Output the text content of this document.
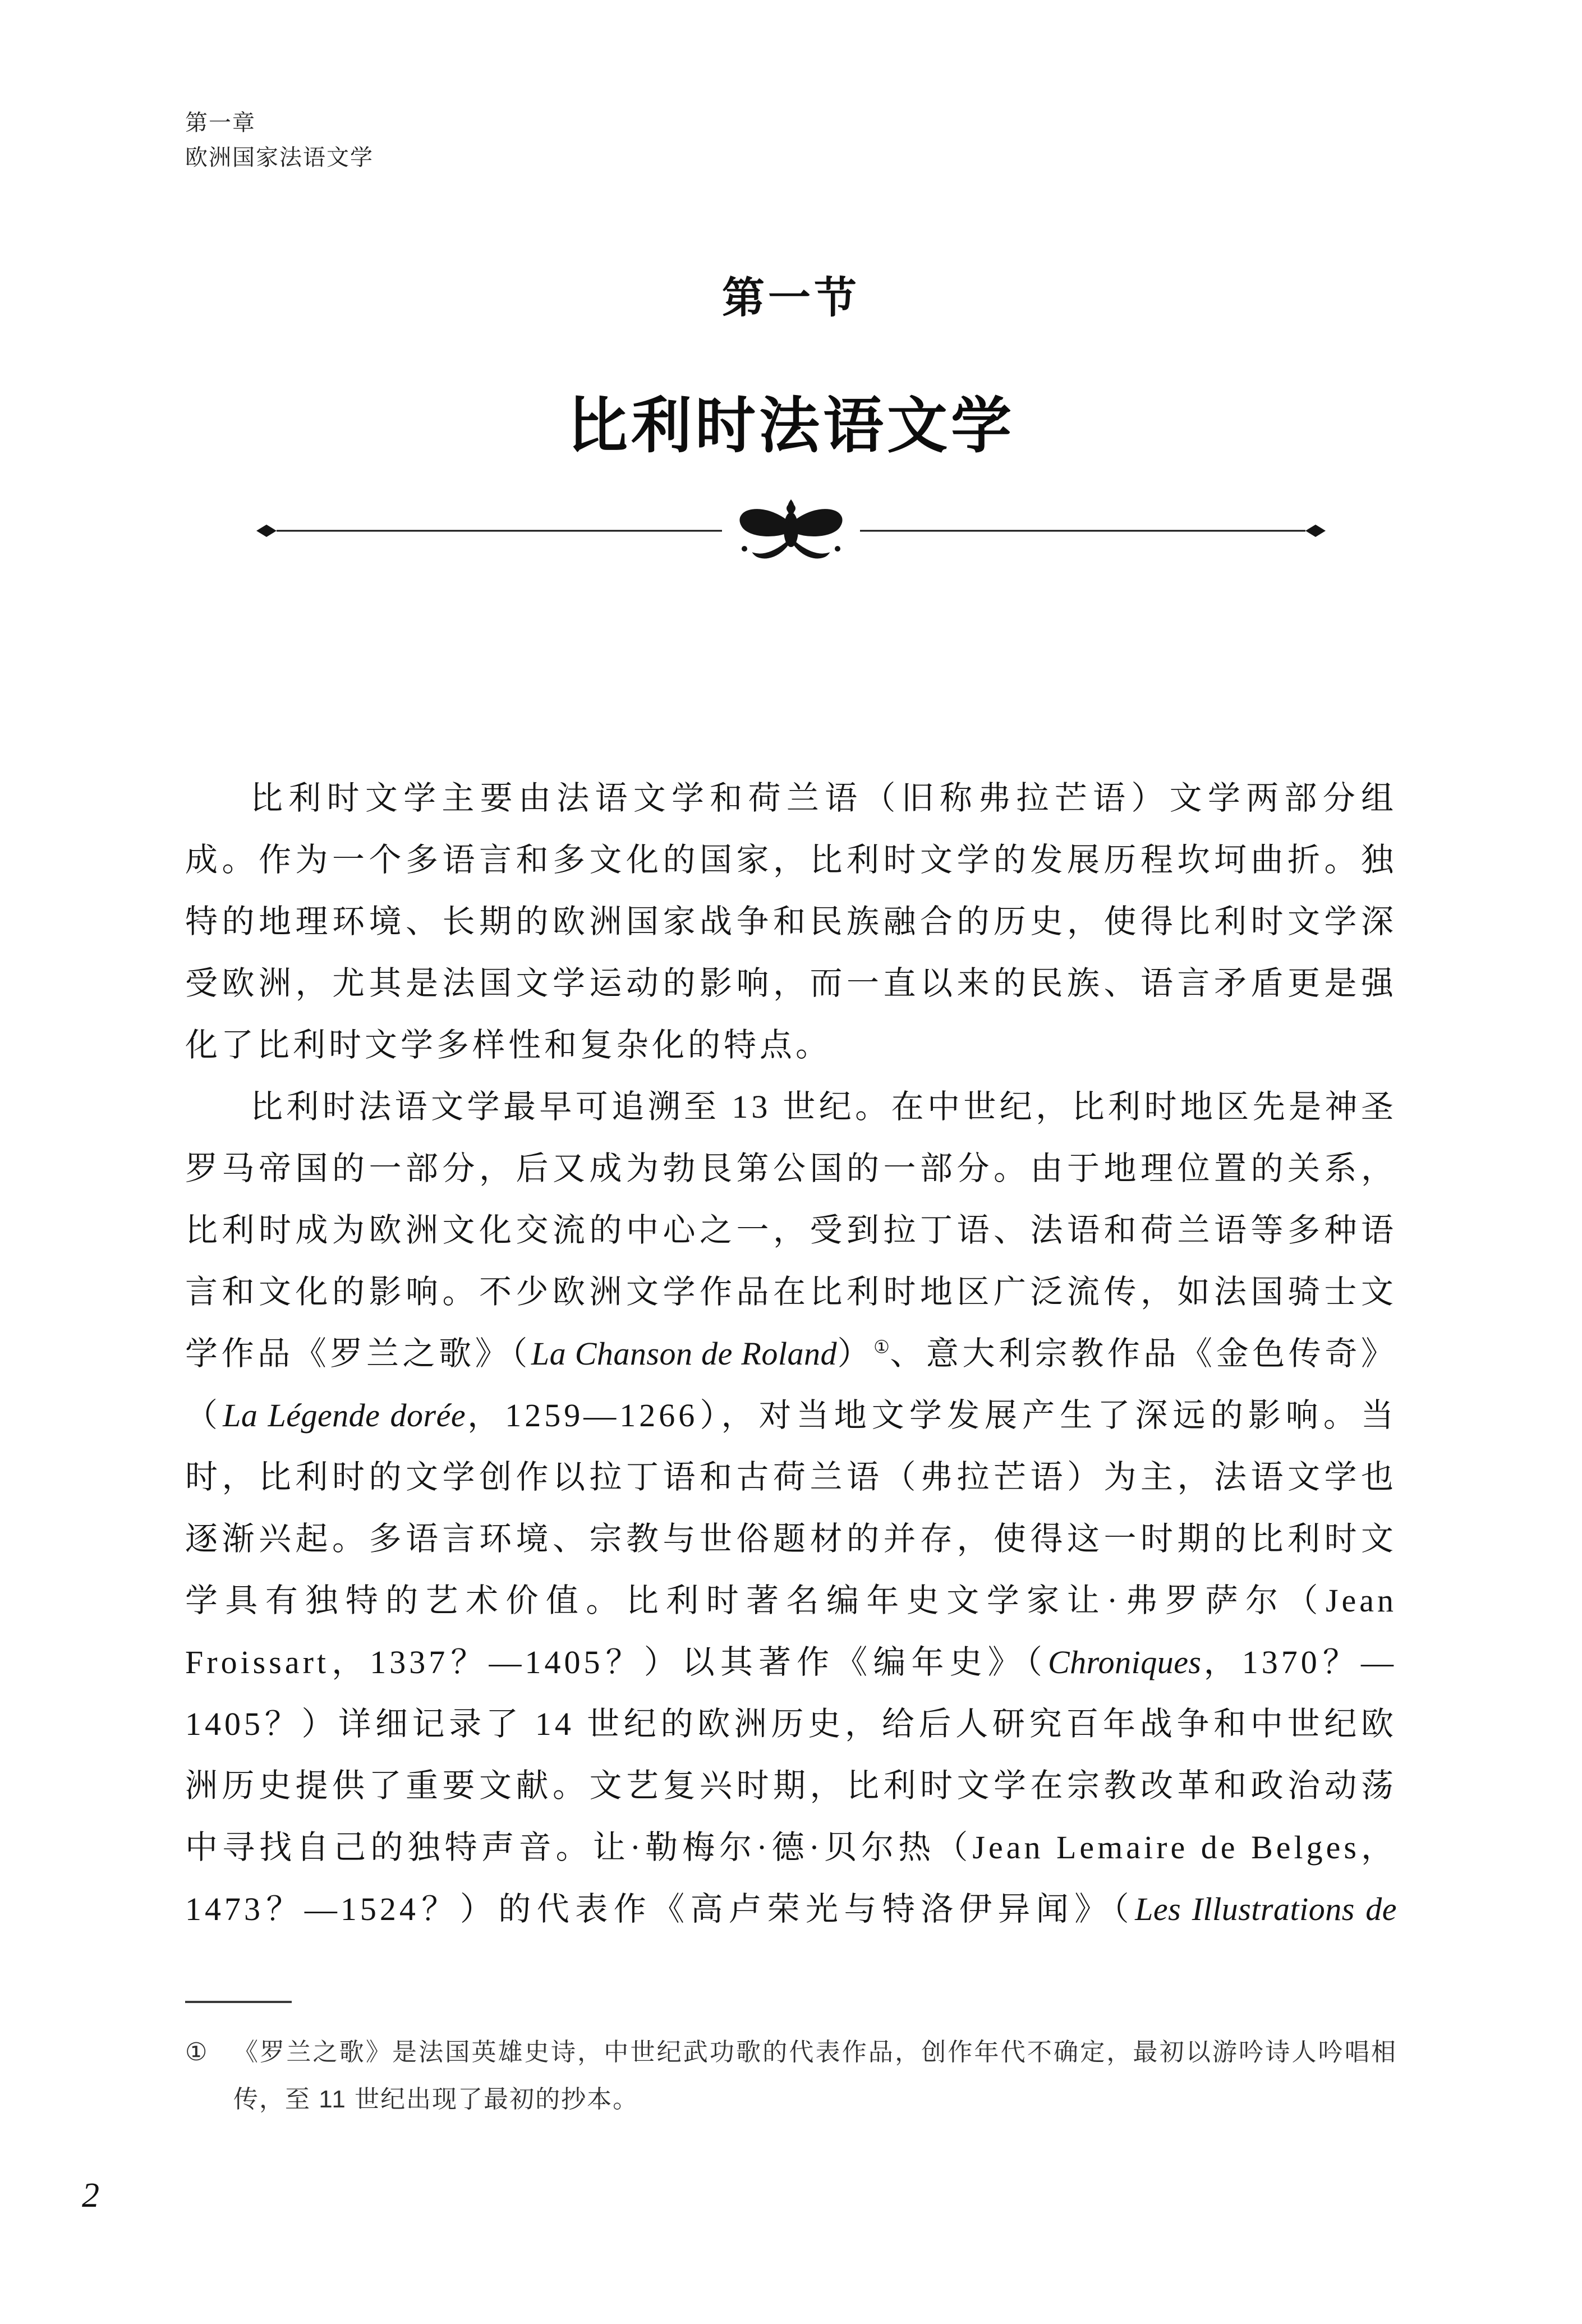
第一章
欧洲国家法语文学
第一节
比利时法语文学

比利时文学主要由法语文学和荷兰语（旧称弗拉芒语）文学两部分组成。作为一个多语言和多文化的国家，比利时文学的发展历程坎坷曲折。独特的地理环境、长期的欧洲国家战争和民族融合的历史，使得比利时文学深受欧洲，尤其是法国文学运动的影响，而一直以来的民族、语言矛盾更是强化了比利时文学多样性和复杂化的特点。

比利时法语文学最早可追溯至 13 世纪。在中世纪，比利时地区先是神圣罗马帝国的一部分，后又成为勃艮第公国的一部分。由于地理位置的关系，比利时成为欧洲文化交流的中心之一，受到拉丁语、法语和荷兰语等多种语言和文化的影响。不少欧洲文学作品在比利时地区广泛流传，如法国骑士文学作品《罗兰之歌》（La Chanson de Roland）①、意大利宗教作品《金色传奇》（La Légende dorée，1259—1266），对当地文学发展产生了深远的影响。当时，比利时的文学创作以拉丁语和古荷兰语（弗拉芒语）为主，法语文学也逐渐兴起。多语言环境、宗教与世俗题材的并存，使得这一时期的比利时文学具有独特的艺术价值。比利时著名编年史文学家让·弗罗萨尔（Jean Froissart，1337？—1405？）以其著作《编年史》（Chroniques，1370？—1405？）详细记录了 14 世纪的欧洲历史，给后人研究百年战争和中世纪欧洲历史提供了重要文献。文艺复兴时期，比利时文学在宗教改革和政治动荡中寻找自己的独特声音。让·勒梅尔·德·贝尔热（Jean Lemaire de Belges，1473？—1524？）的代表作《高卢荣光与特洛伊异闻》（Les Illustrations de

①	《罗兰之歌》是法国英雄史诗，中世纪武功歌的代表作品，创作年代不确定，最初以游吟诗人吟唱相传，至 11 世纪出现了最初的抄本。
2
